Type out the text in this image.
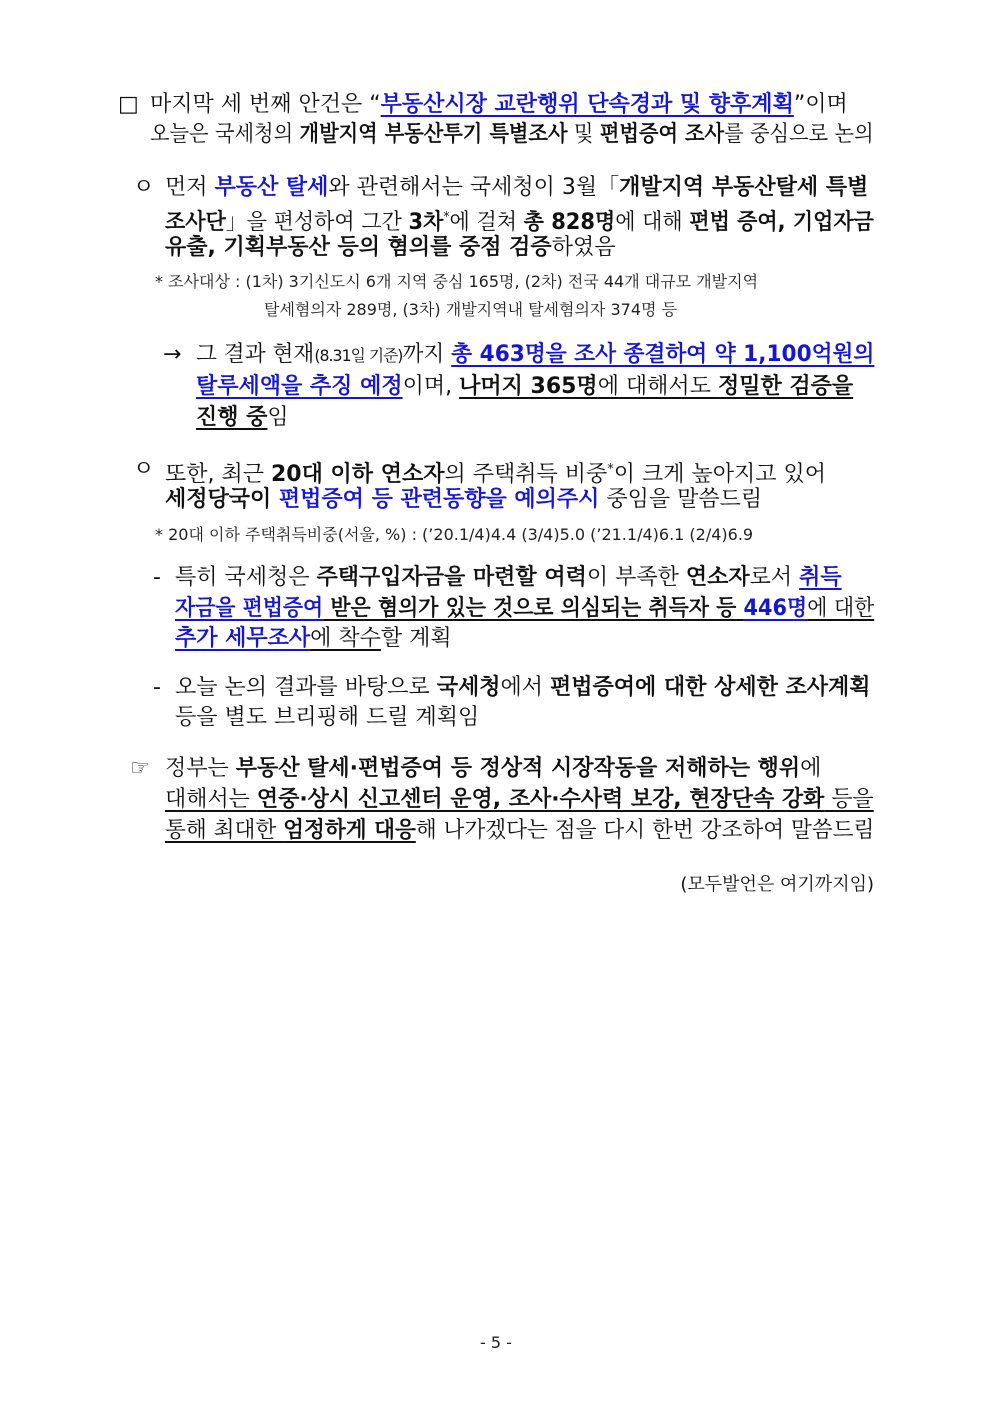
□ 마지막 세 번째 안건은 “부동산시장 교란행위 단속경과 및 향후계획”이며
오늘은 국세청의 개발지역 부동산투기 특별조사 및 편법증여 조사를 중심으로 논의
ㅇ 먼저 부동산 탈세와 관련해서는 국세청이 3월「개발지역 부동산탈세 특별
조사단」을 편성하여 그간 3차*에 걸쳐 총 828명에 대해 편법 증여, 기업자금
유출, 기획부동산 등의 혐의를 중점 검증하였음
* 조사대상 : (1차) 3기신도시 6개 지역 중심 165명, (2차) 전국 44개 대규모 개발지역
탈세혐의자 289명, (3차) 개발지역내 탈세혐의자 374명 등
→ 그 결과 현재(8.31일 기준)까지 총 463명을 조사 종결하여 약 1,100억원의
탈루세액을 추징 예정이며, 나머지 365명에 대해서도 정밀한 검증을
진행 중임
ㅇ 또한, 최근 20대 이하 연소자의 주택취득 비중*이 크게 높아지고 있어
세정당국이 편법증여 등 관련동향을 예의주시 중임을 말씀드림
* 20대 이하 주택취득비중(서울, %) : (’20.1/4)4.4 (3/4)5.0 (’21.1/4)6.1 (2/4)6.9
- 특히 국세청은 주택구입자금을 마련할 여력이 부족한 연소자로서 취득
자금을 편법증여 받은 혐의가 있는 것으로 의심되는 취득자 등 446명에 대한
추가 세무조사에 착수할 계획
- 오늘 논의 결과를 바탕으로 국세청에서 편법증여에 대한 상세한 조사계획
등을 별도 브리핑해 드릴 계획임
☞ 정부는 부동산 탈세·편법증여 등 정상적 시장작동을 저해하는 행위에
대해서는 연중·상시 신고센터 운영, 조사·수사력 보강, 현장단속 강화 등을
통해 최대한 엄정하게 대응해 나가겠다는 점을 다시 한번 강조하여 말씀드림
(모두발언은 여기까지임)
- 5 -
